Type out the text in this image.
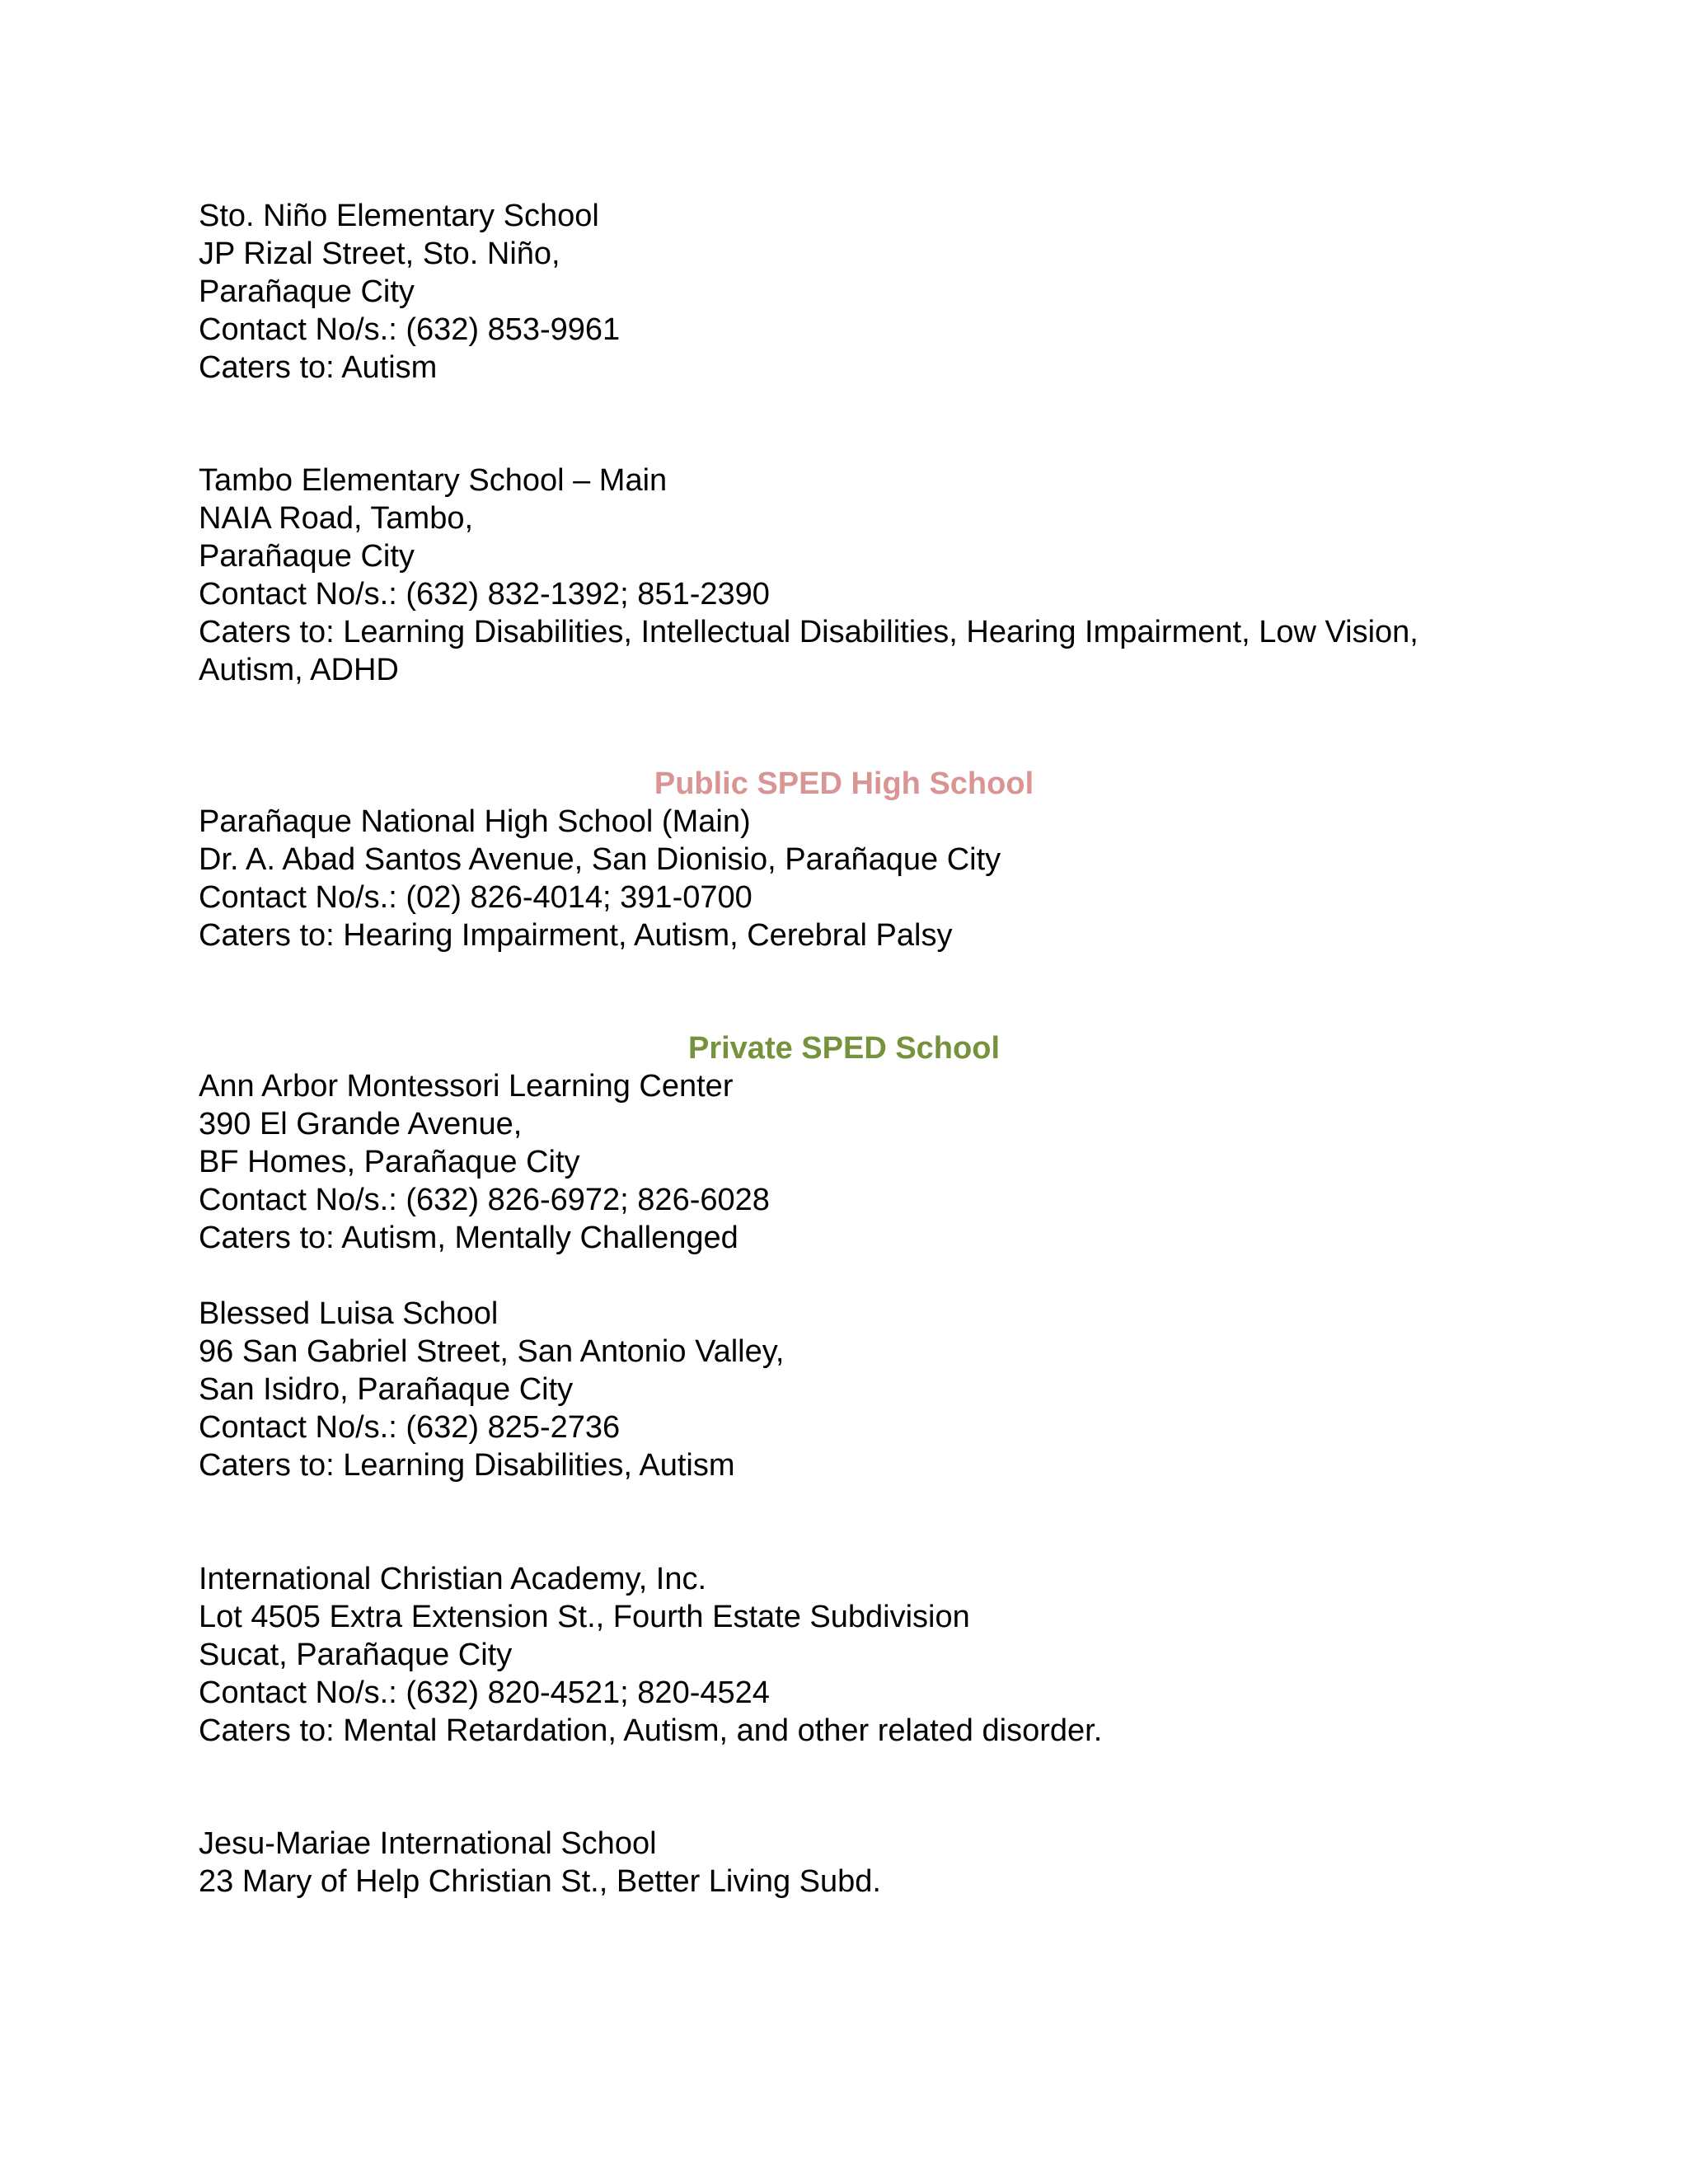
Sto. Niño Elementary School
JP Rizal Street, Sto. Niño,
Parañaque City
Contact No/s.: (632) 853-9961
Caters to: Autism
Tambo Elementary School – Main
NAIA Road, Tambo,
Parañaque City
Contact No/s.: (632) 832-1392; 851-2390
Caters to: Learning Disabilities, Intellectual Disabilities, Hearing Impairment, Low Vision,
Autism, ADHD
Public SPED High School
Parañaque National High School (Main)
Dr. A. Abad Santos Avenue, San Dionisio, Parañaque City
Contact No/s.: (02) 826-4014; 391-0700
Caters to: Hearing Impairment, Autism, Cerebral Palsy
Private SPED School
Ann Arbor Montessori Learning Center
390 El Grande Avenue,
BF Homes, Parañaque City
Contact No/s.: (632) 826-6972; 826-6028
Caters to: Autism, Mentally Challenged
Blessed Luisa School
96 San Gabriel Street, San Antonio Valley,
San Isidro, Parañaque City
Contact No/s.: (632) 825-2736
Caters to: Learning Disabilities, Autism
International Christian Academy, Inc.
Lot 4505 Extra Extension St., Fourth Estate Subdivision
Sucat, Parañaque City
Contact No/s.: (632) 820-4521; 820-4524
Caters to: Mental Retardation, Autism, and other related disorder.
Jesu-Mariae International School
23 Mary of Help Christian St., Better Living Subd.
